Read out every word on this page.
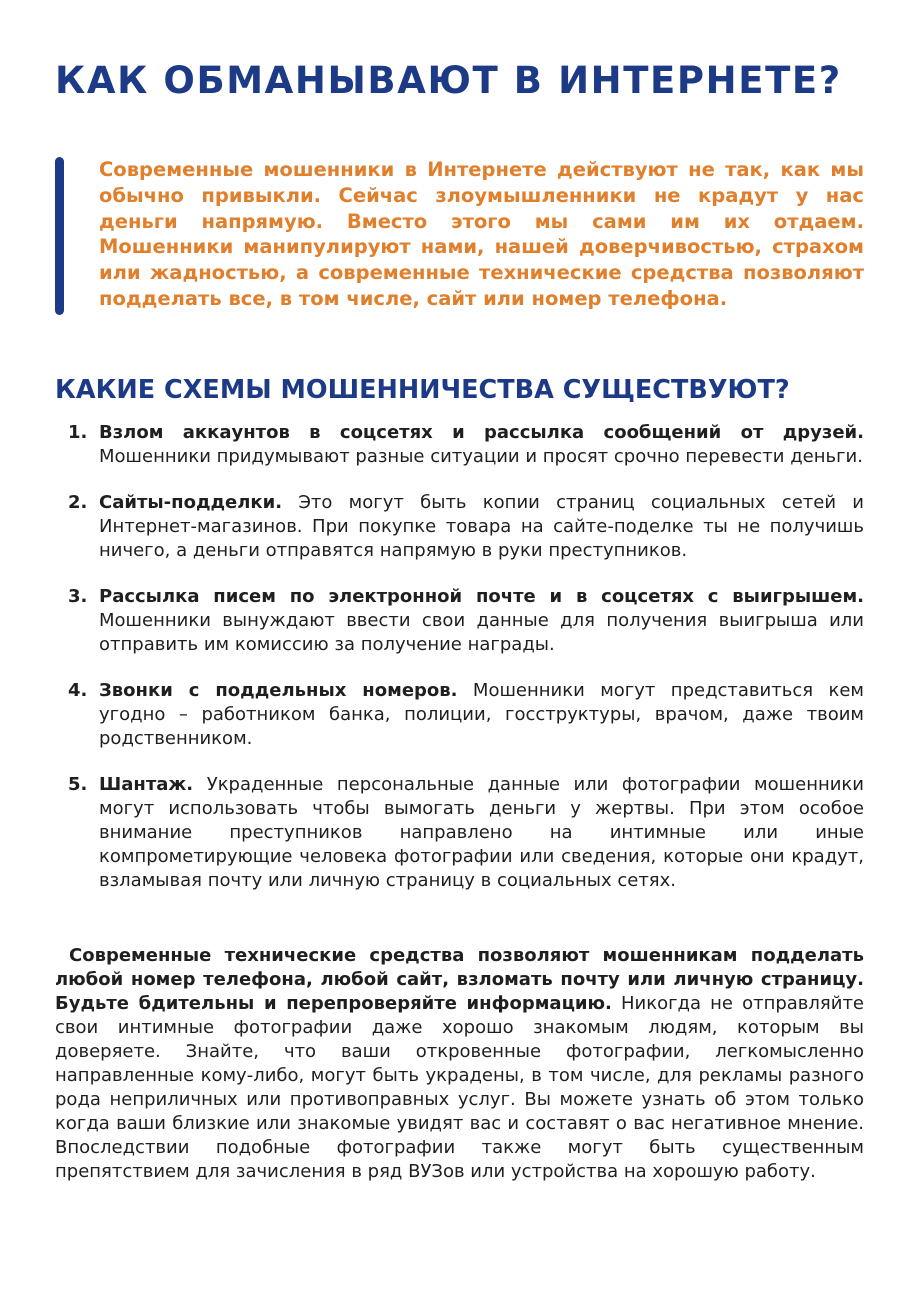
КАК ОБМАНЫВАЮТ В ИНТЕРНЕТЕ?

Современные мошенники в Интернете действуют не так, как мы обычно привыкли. Сейчас злоумышленники не крадут у нас деньги напрямую. Вместо этого мы сами им их отдаем. Мошенники манипулируют нами, нашей доверчивостью, страхом или жадностью, а современные технические средства позволяют подделать все, в том числе, сайт или номер телефона.

КАКИЕ СХЕМЫ МОШЕННИЧЕСТВА СУЩЕСТВУЮТ?
1. Взлом аккаунтов в соцсетях и рассылка сообщений от друзей. Мошенники придумывают разные ситуации и просят срочно перевести деньги.
2. Сайты-подделки. Это могут быть копии страниц социальных сетей и Интернет-магазинов. При покупке товара на сайте-поделке ты не получишь ничего, а деньги отправятся напрямую в руки преступников.
3. Рассылка писем по электронной почте и в соцсетях с выигрышем. Мошенники вынуждают ввести свои данные для получения выигрыша или отправить им комиссию за получение награды.
4. Звонки с поддельных номеров. Мошенники могут представиться кем угодно – работником банка, полиции, госструктуры, врачом, даже твоим родственником.
5. Шантаж. Украденные персональные данные или фотографии мошенники могут использовать чтобы вымогать деньги у жертвы. При этом особое внимание преступников направлено на интимные или иные компрометирующие человека фотографии или сведения, которые они крадут, взламывая почту или личную страницу в социальных сетях.

Современные технические средства позволяют мошенникам подделать любой номер телефона, любой сайт, взломать почту или личную страницу. Будьте бдительны и перепроверяйте информацию. Никогда не отправляйте свои интимные фотографии даже хорошо знакомым людям, которым вы доверяете. Знайте, что ваши откровенные фотографии, легкомысленно направленные кому-либо, могут быть украдены, в том числе, для рекламы разного рода неприличных или противоправных услуг. Вы можете узнать об этом только когда ваши близкие или знакомые увидят вас и составят о вас негативное мнение. Впоследствии подобные фотографии также могут быть существенным препятствием для зачисления в ряд ВУЗов или устройства на хорошую работу.
